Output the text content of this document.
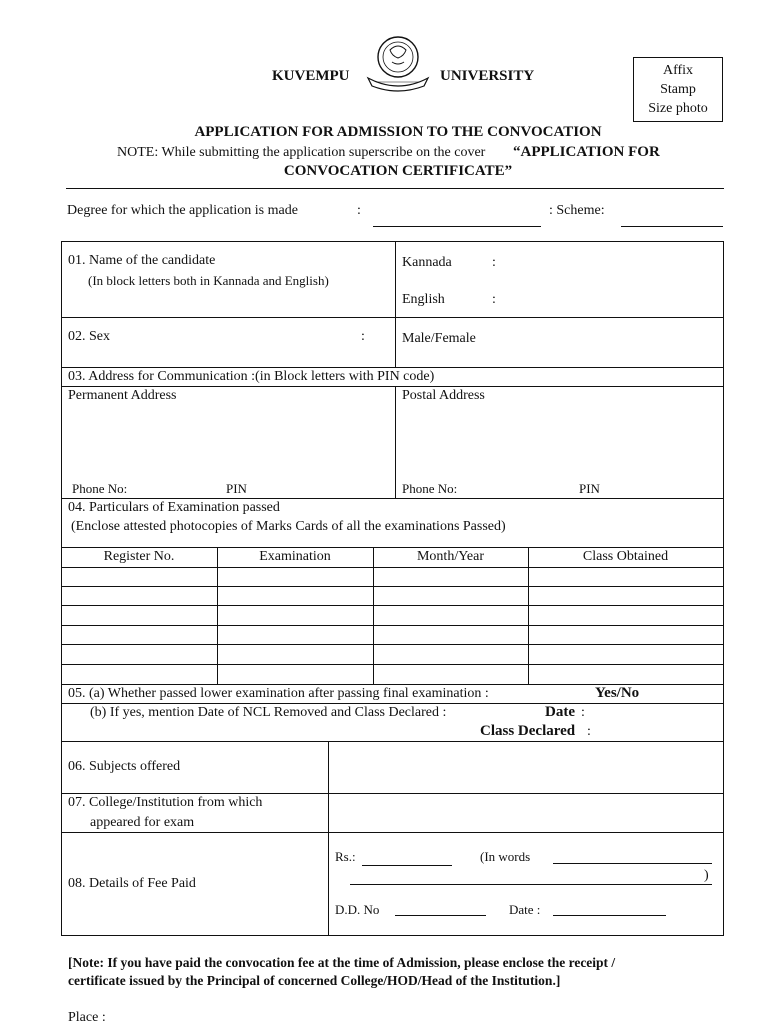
KUVEMPU	UNIVERSITY	Affix
Stamp
Size photo
APPLICATION FOR ADMISSION TO THE CONVOCATION
NOTE: While submitting the application superscribe on the cover “APPLICATION FOR
CONVOCATION CERTIFICATE”
Degree for which the application is made	:	: Scheme:
01. Name of the candidate
(In block letters both in Kannada and English)
Kannada	:
English	:
02. Sex	:	Male/Female
03. Address for Communication :(in Block letters with PIN code)
Permanent Address	Postal Address
Phone No:	PIN	Phone No:	PIN
04. Particulars of Examination passed
(Enclose attested photocopies of Marks Cards of all the examinations Passed)
Register No.	Examination	Month/Year	Class Obtained
05. (a) Whether passed lower examination after passing final examination :	Yes/No
(b) If yes, mention Date of NCL Removed and Class Declared :	Date :
Class Declared :
06. Subjects offered
07. College/Institution from which
appeared for exam
08. Details of Fee Paid
Rs.:	(In words
)
D.D. No	Date :
[Note: If you have paid the convocation fee at the time of Admission, please enclose the receipt /
certificate issued by the Principal of concerned College/HOD/Head of the Institution.]
Place :
